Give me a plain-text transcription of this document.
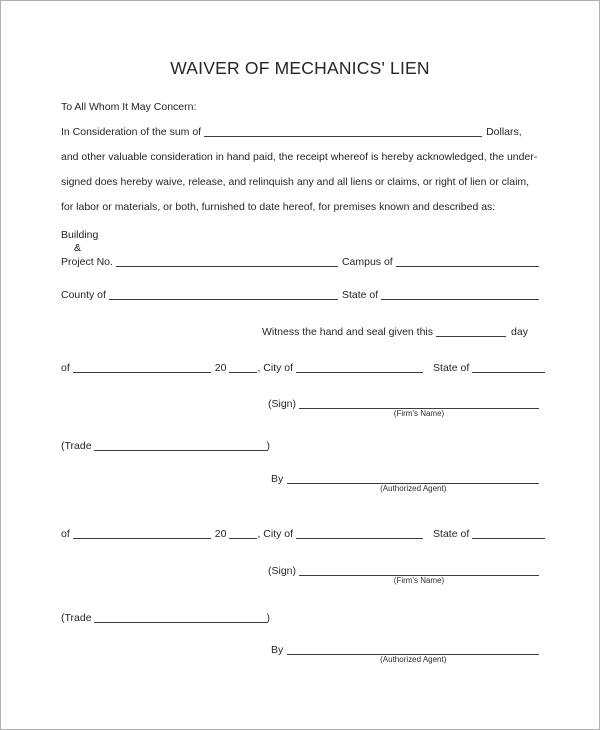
WAIVER OF MECHANICS' LIEN
To All Whom It May Concern:
In Consideration of the sum of	Dollars,
and other valuable consideration in hand paid, the receipt whereof is hereby acknowledged, the under-
signed does hereby waive, release, and relinquish any and all liens or claims, or right of lien or claim,
for labor or materials, or both, furnished to date hereof, for premises known and described as:
Building
&
Project No.	Campus of
County of	State of
Witness the hand and seal given this	day
of	20	, City of	State of
(Sign)
(Firm's Name)
(Trade	)
By
(Authorized Agent)
of	20	, City of	State of
(Sign)
(Firm's Name)
(Trade	)
By
(Authorized Agent)
